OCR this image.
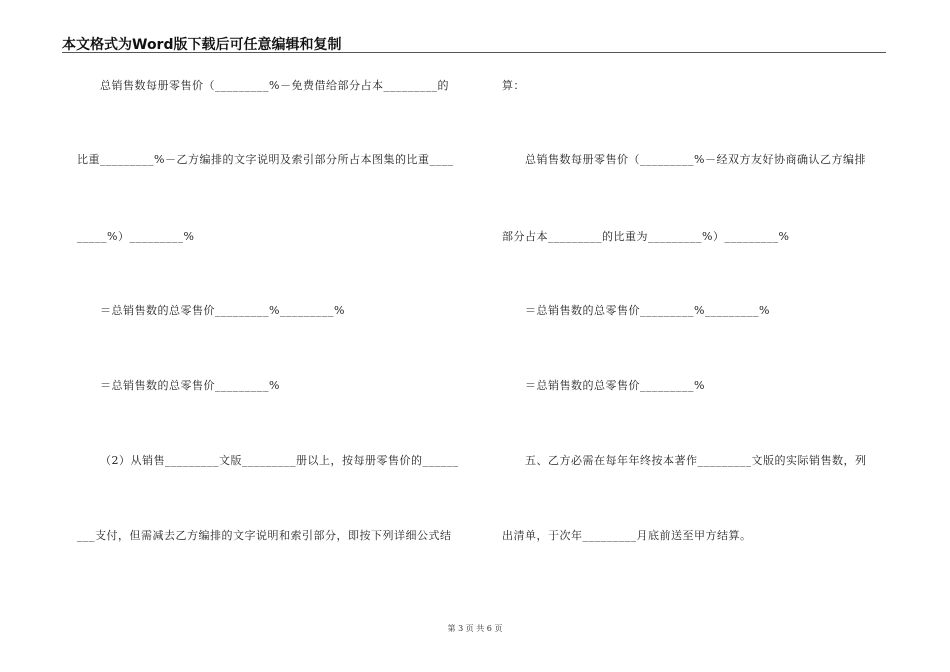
本文格式为Word版下载后可任意编辑和复制
总销售数每册零售价（_________%－免费借给部分占本_________的
比重_________%－乙方编排的文字说明及索引部分所占本图集的比重____
_____%）_________%
＝总销售数的总零售价_________%_________%
＝总销售数的总零售价_________%
（2）从销售_________文版_________册以上，按每册零售价的______
___支付，但需减去乙方编排的文字说明和索引部分，即按下列详细公式结
算：
总销售数每册零售价（_________%－经双方友好协商确认乙方编排
部分占本_________的比重为_________%）_________%
＝总销售数的总零售价_________%_________%
＝总销售数的总零售价_________%
五、乙方必需在每年年终按本著作_________文版的实际销售数，列
出清单，于次年_________月底前送至甲方结算。
第 3 页 共 6 页
